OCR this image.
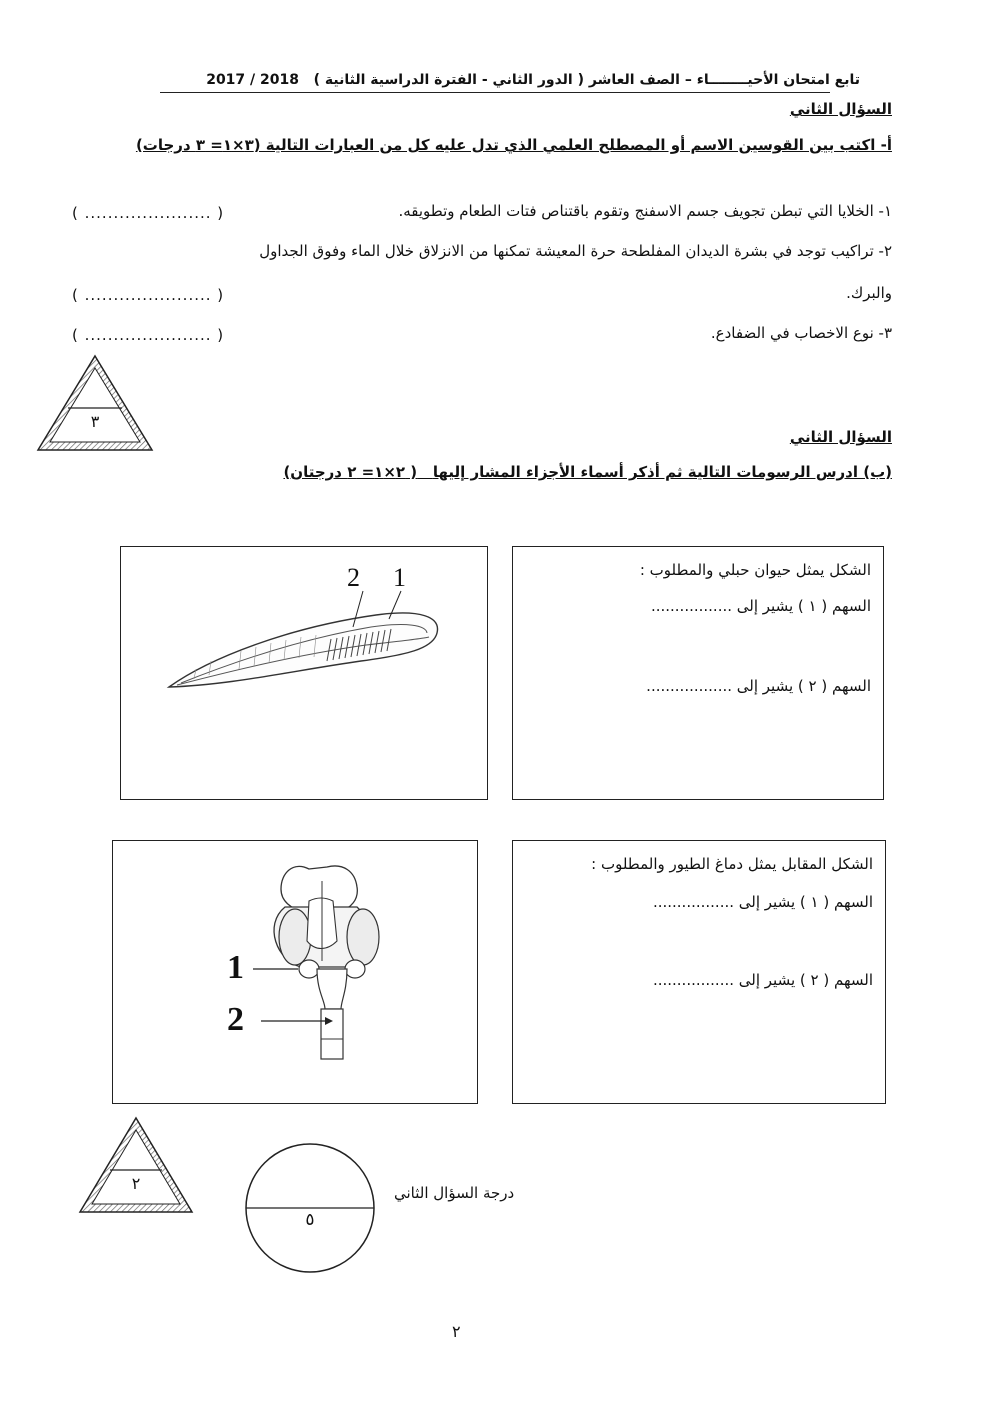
تابع امتحان الأحيــــــــاء – الصف العاشر ( الدور الثاني - الفترة الدراسية الثانية )   2018 / 2017
السؤال الثاني
أ- اكتب بين القوسين الاسم أو المصطلح العلمي الذي تدل عليه كل من العبارات التالية (٣×١= ٣ درجات)
١- الخلايا التي تبطن تجويف جسم الاسفنج وتقوم باقتناص فتات الطعام وتطويقه.
( ...................... )
٢- تراكيب توجد في بشرة الديدان المفلطحة حرة المعيشة تمكنها من الانزلاق خلال الماء وفوق الجداول
والبرك.
( ...................... )
٣- نوع الاخصاب في الضفادع.
( ...................... )
٣
السؤال الثاني
(ب) ادرس الرسومات التالية ثم أذكر أسماء الأجزاء المشار إليها   ( ٢×١= ٢ درجتان)
2 1	الشكل يمثل حيوان حبلي والمطلوب :
السهم ( ١ ) يشير إلى .................
السهم ( ٢ ) يشير إلى ..................
1
2
الشكل المقابل يمثل دماغ الطيور والمطلوب :
السهم ( ١ ) يشير إلى .................
السهم ( ٢ ) يشير إلى .................
٢
٥
درجة السؤال الثاني
٢
